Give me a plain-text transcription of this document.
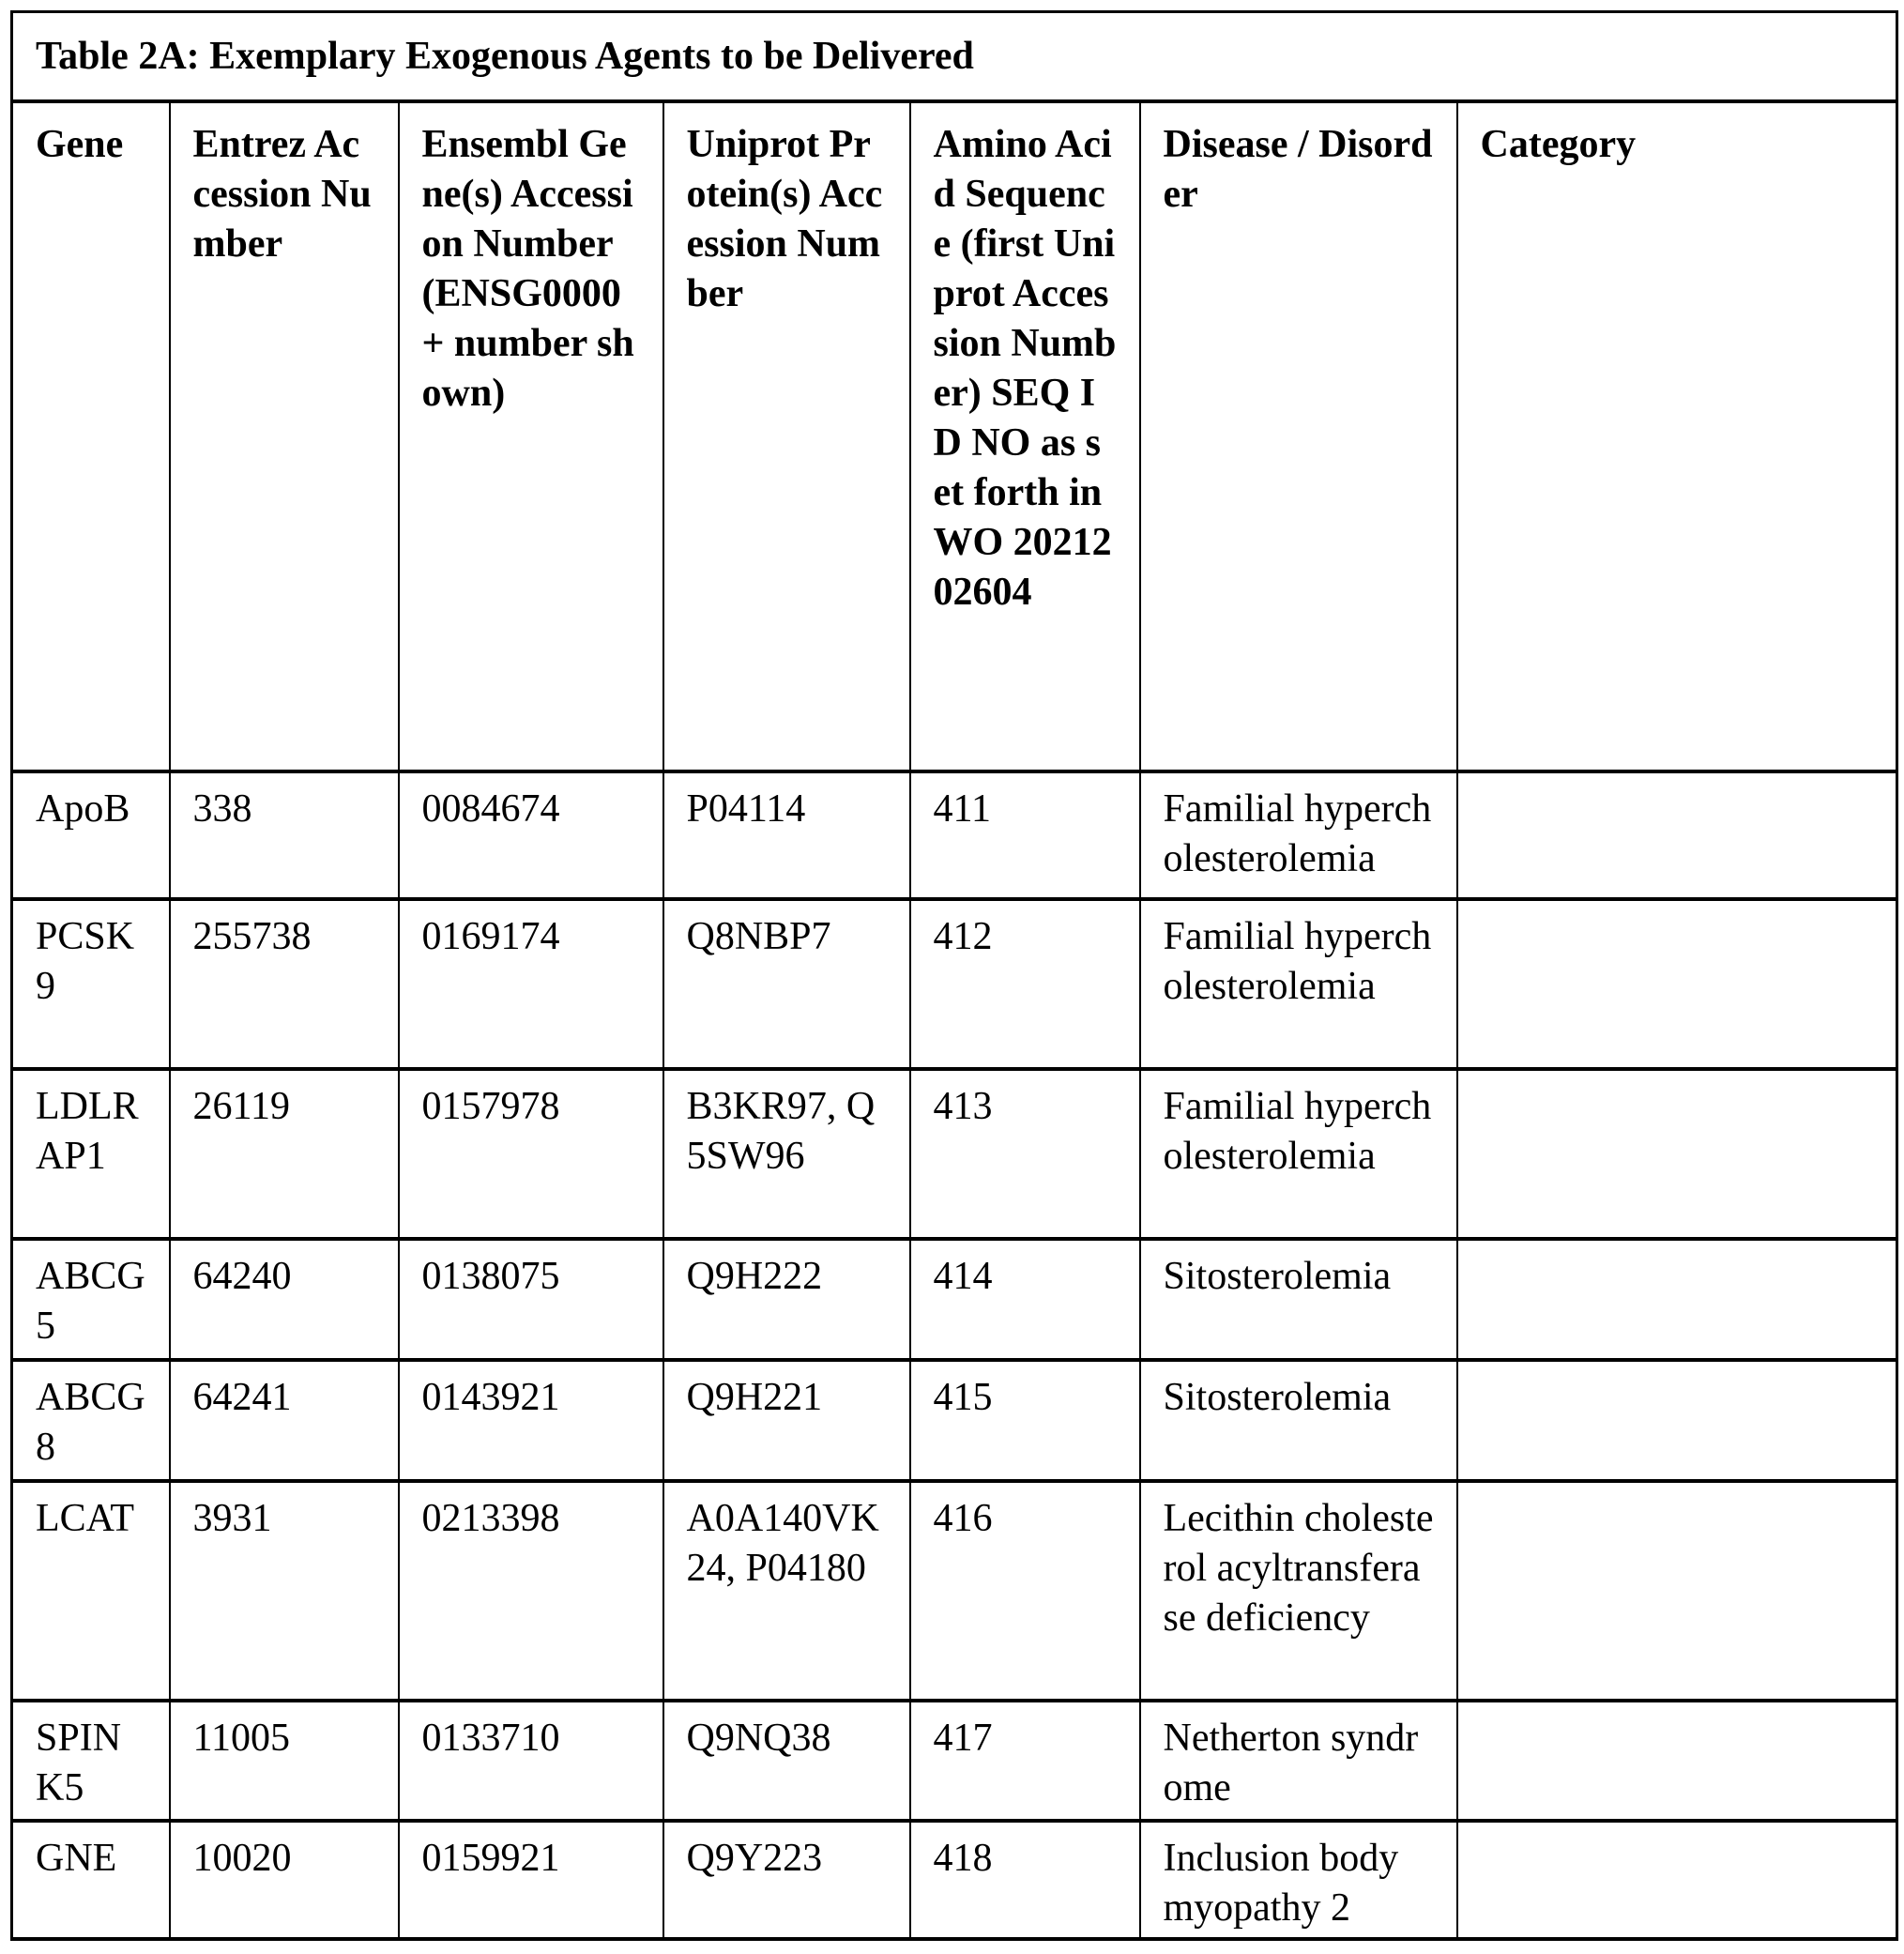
Table 2A: Exemplary Exogenous Agents to be Delivered						
Gene	Entrez Accession Number	Ensembl Gene(s) Accession Number (ENSG0000 + number shown)	Uniprot Protein(s) Accession Number	Amino Acid Sequence (first Uniprot Accession Number) SEQ ID NO as set forth in WO 2021202604	Disease / Disorder	Category
ApoB	338	0084674	P04114	411	Familial hypercholesterolemia	
PCSK9	255738	0169174	Q8NBP7	412	Familial hypercholesterolemia	
LDLRAP1	26119	0157978	B3KR97, Q5SW96	413	Familial hypercholesterolemia	
ABCG5	64240	0138075	Q9H222	414	Sitosterolemia	
ABCG8	64241	0143921	Q9H221	415	Sitosterolemia	
LCAT	3931	0213398	A0A140VK24, P04180	416	Lecithin cholesterol acyltransferase deficiency	
SPINK5	11005	0133710	Q9NQ38	417	Netherton syndrome	
GNE	10020	0159921	Q9Y223	418	Inclusion body myopathy 2	
